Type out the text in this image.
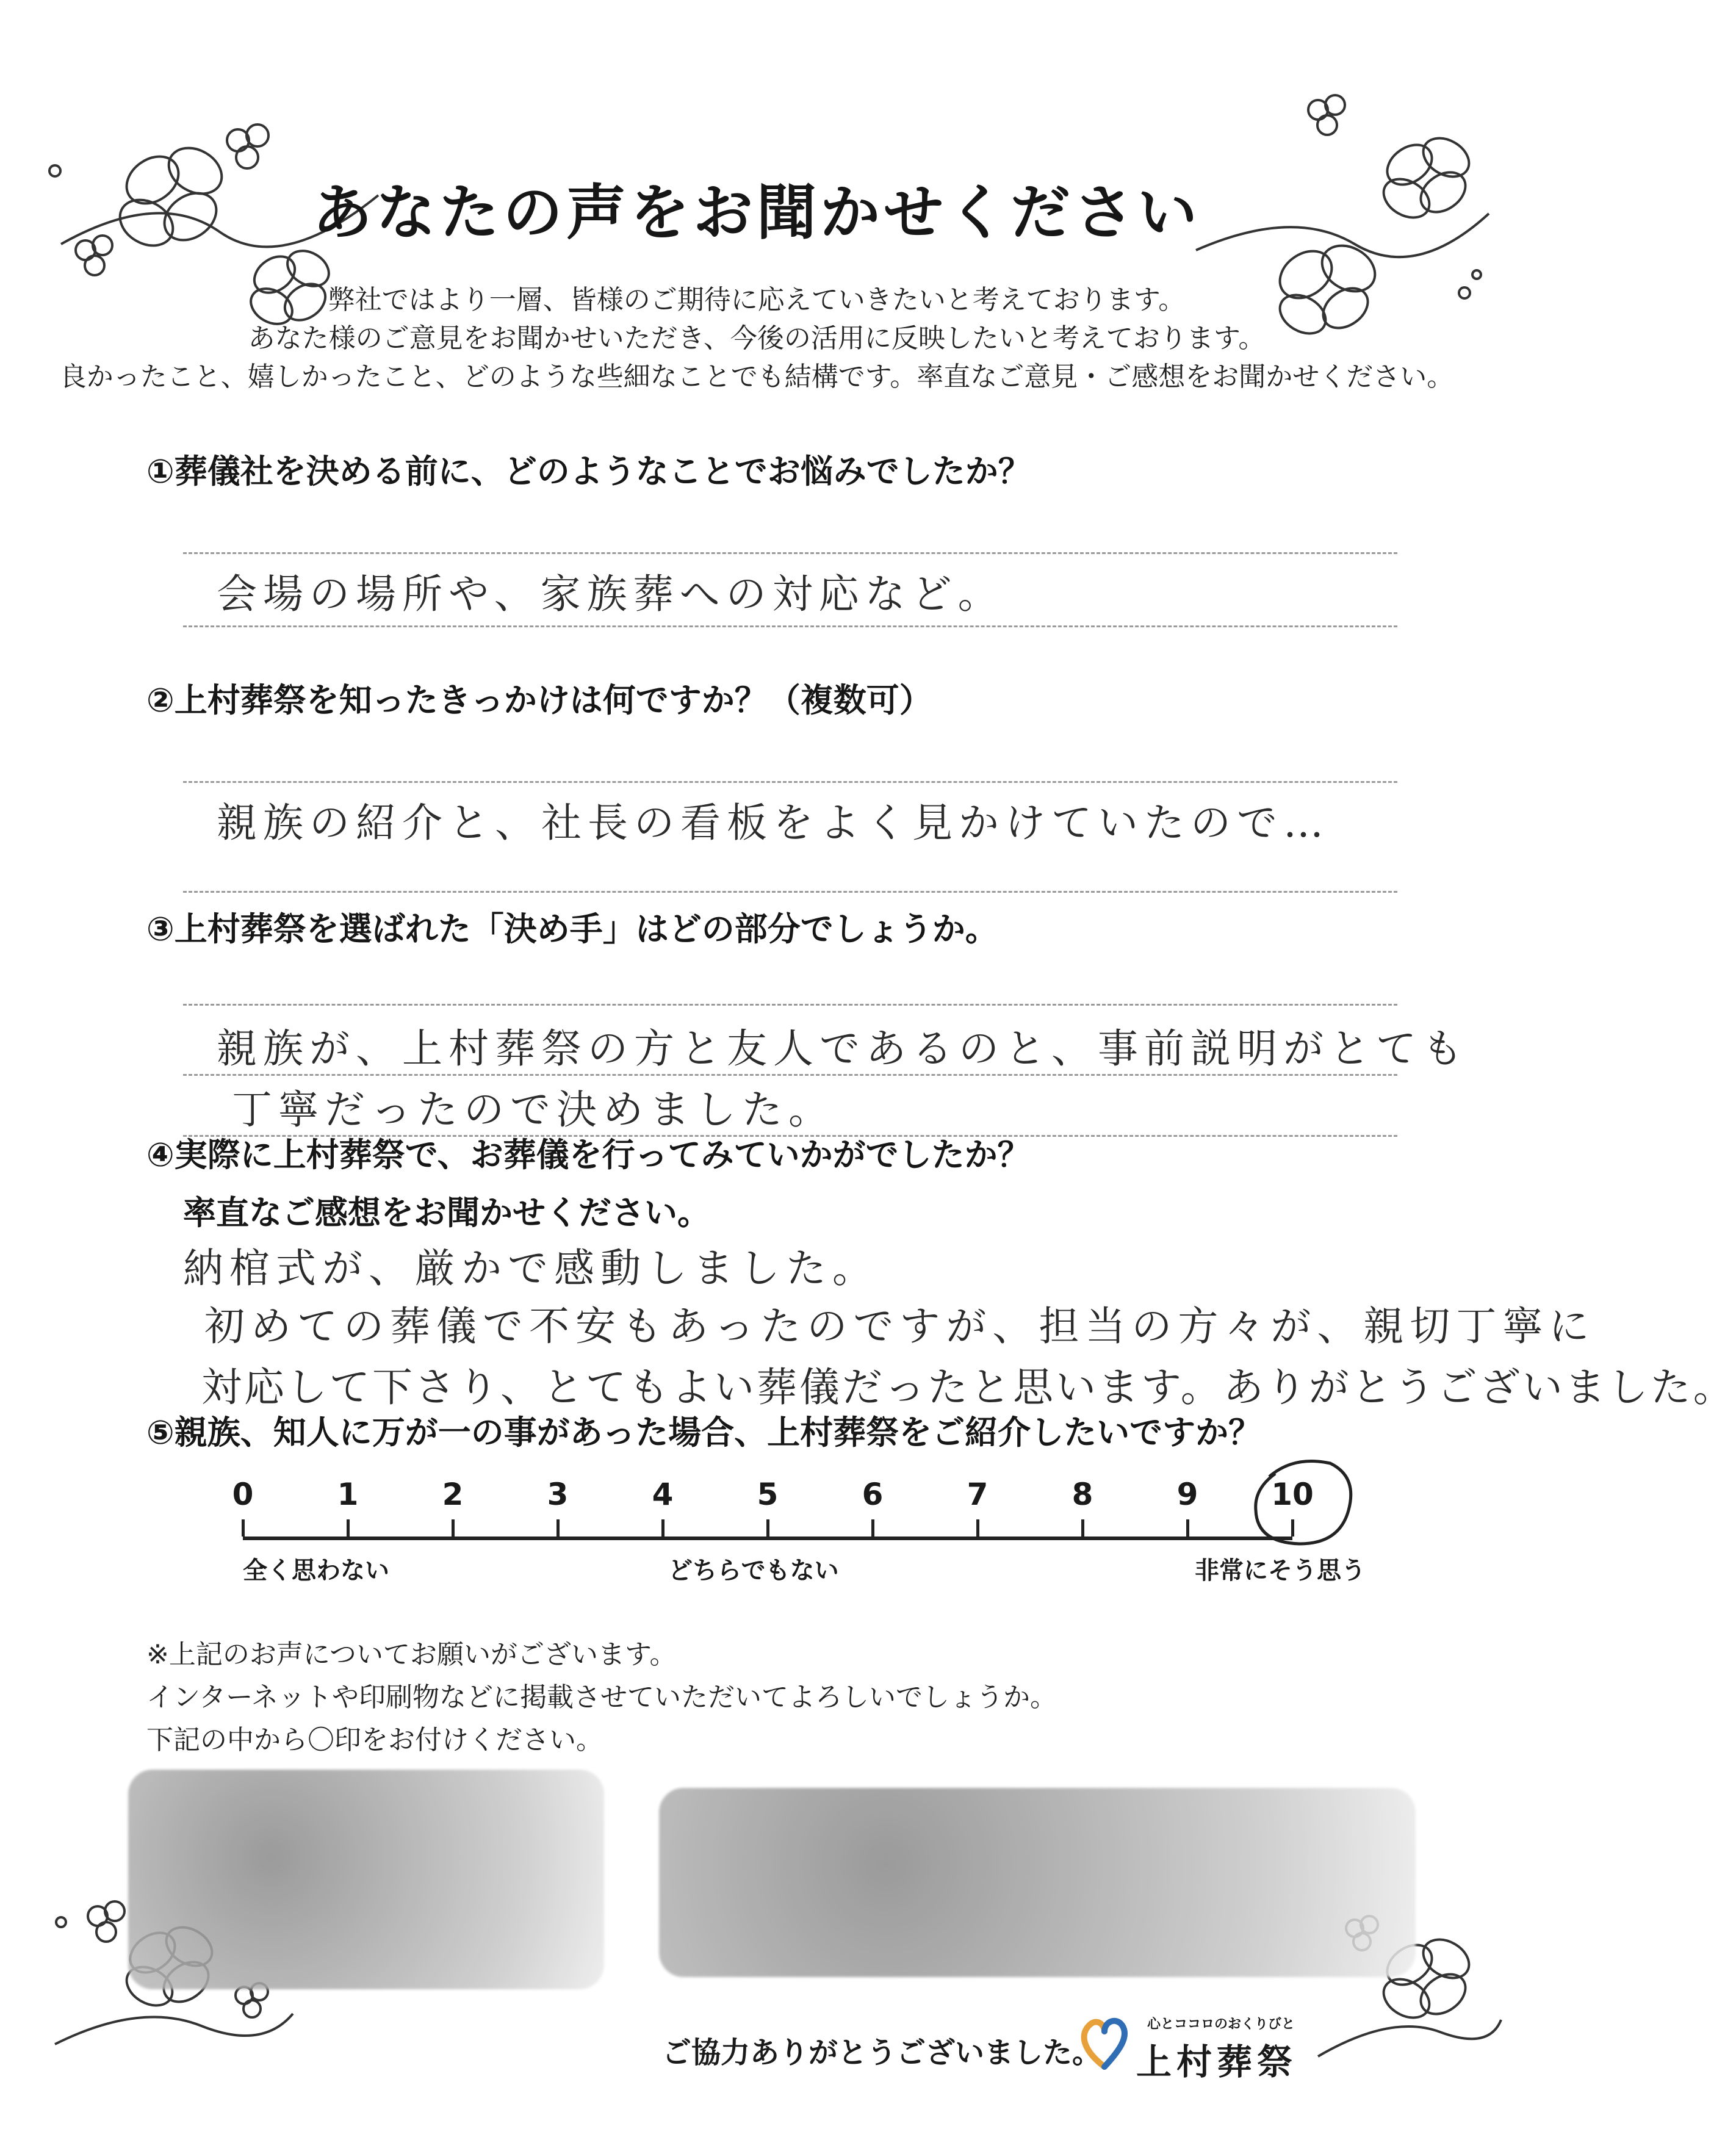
あなたの声をお聞かせください
弊社ではより一層、皆様のご期待に応えていきたいと考えております。
あなた様のご意見をお聞かせいただき、今後の活用に反映したいと考えております。
良かったこと、嬉しかったこと、どのような些細なことでも結構です。率直なご意見・ご感想をお聞かせください。
①葬儀社を決める前に、どのようなことでお悩みでしたか？
会場の場所や、家族葬への対応など。
②上村葬祭を知ったきっかけは何ですか？（複数可）
親族の紹介と、社長の看板をよく見かけていたので…
③上村葬祭を選ばれた「決め手」はどの部分でしょうか。
親族が、上村葬祭の方と友人であるのと、事前説明がとても
丁寧だったので決めました。
④実際に上村葬祭で、お葬儀を行ってみていかがでしたか？
率直なご感想をお聞かせください。
納棺式が、厳かで感動しました。
初めての葬儀で不安もあったのですが、担当の方々が、親切丁寧に
対応して下さり、とてもよい葬儀だったと思います。ありがとうございました。
⑤親族、知人に万が一の事があった場合、上村葬祭をご紹介したいですか？
0	1	2	3	4	5	6	7	8	9 10
全く思わない	どちらでもない	非常にそう思う
※上記のお声についてお願いがございます。
インターネットや印刷物などに掲載させていただいてよろしいでしょうか。
下記の中から〇印をお付けください。
ご協力ありがとうございました。
心とココロのおくりびと
上村葬祭
